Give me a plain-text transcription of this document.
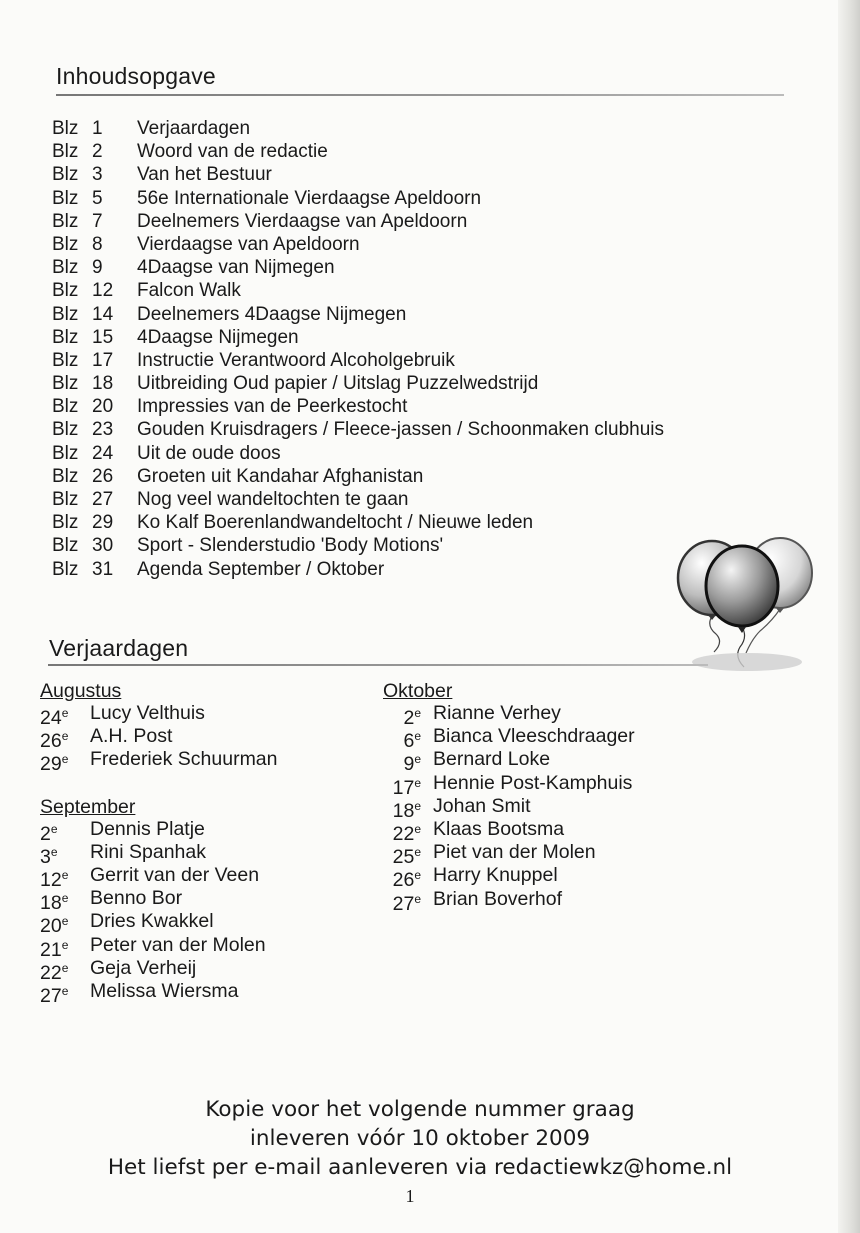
Inhoudsopgave
Blz 1	Verjaardagen
Blz 2	Woord van de redactie
Blz 3	Van het Bestuur
Blz 5	56e Internationale Vierdaagse Apeldoorn
Blz 7	Deelnemers Vierdaagse van Apeldoorn
Blz 8	Vierdaagse van Apeldoorn
Blz 9	4Daagse van Nijmegen
Blz 12	Falcon Walk
Blz 14	Deelnemers 4Daagse Nijmegen
Blz 15	4Daagse Nijmegen
Blz 17	Instructie Verantwoord Alcoholgebruik
Blz 18	Uitbreiding Oud papier / Uitslag Puzzelwedstrijd
Blz 20	Impressies van de Peerkestocht
Blz 23	Gouden Kruisdragers / Fleece-jassen / Schoonmaken clubhuis
Blz 24	Uit de oude doos
Blz 26	Groeten uit Kandahar Afghanistan
Blz 27	Nog veel wandeltochten te gaan
Blz 29	Ko Kalf Boerenlandwandeltocht / Nieuwe leden
Blz 30	Sport - Slenderstudio 'Body Motions'
Blz 31	Agenda September / Oktober
Verjaardagen
Augustus
24e	Lucy Velthuis
26e	A.H. Post
29e	Frederiek Schuurman
September
2e	Dennis Platje
3e	Rini Spanhak
12e	Gerrit van der Veen
18e	Benno Bor
20e	Dries Kwakkel
21e	Peter van der Molen
22e	Geja Verheij
27e	Melissa Wiersma
Oktober
2e Rianne Verhey
6e Bianca Vleeschdraager
9e Bernard Loke
17e Hennie Post-Kamphuis
18e Johan Smit
22e Klaas Bootsma
25e Piet van der Molen
26e Harry Knuppel
27e Brian Boverhof
Kopie voor het volgende nummer graag
inleveren vóór 10 oktober 2009
Het liefst per e-mail aanleveren via redactiewkz@home.nl
1
